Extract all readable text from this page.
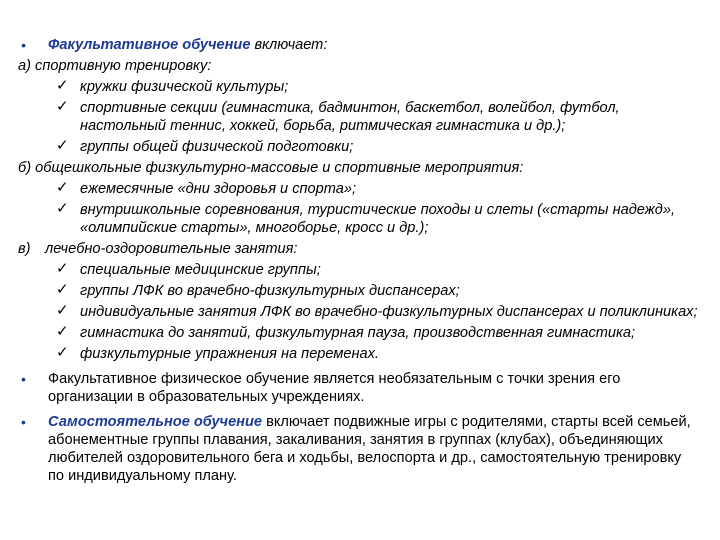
• Факультативное обучение включает:
а) спортивную тренировку:
✓ кружки физической культуры;
✓ спортивные секции (гимнастика, бадминтон, баскетбол, волейбол, футбол, настольный теннис, хоккей, борьба, ритмическая гимнастика и др.);
✓ группы общей физической подготовки;
б) общешкольные физкультурно-массовые и спортивные мероприятия:
✓ ежемесячные «дни здоровья и спорта»;
✓ внутришкольные соревнования, туристические походы и слеты («старты надежд», «олимпийские старты», многоборье, кросс и др.);
в) лечебно-оздоровительные занятия:
✓ специальные медицинские группы;
✓ группы ЛФК во врачебно-физкультурных диспансерах;
✓ индивидуальные занятия ЛФК во врачебно-физкультурных диспансерах и поликлиниках;
✓ гимнастика до занятий, физкультурная пауза, производственная гимнастика;
✓ физкультурные упражнения на переменах.
• Факультативное физическое обучение является необязательным с точки зрения его организации в образовательных учреждениях.
• Самостоятельное обучение включает подвижные игры с родителями, старты всей семьей, абонементные группы плавания, закаливания, занятия в группах (клубах), объединяющих любителей оздоровительного бега и ходьбы, велоспорта и др., самостоятельную тренировку по индивидуальному плану.
